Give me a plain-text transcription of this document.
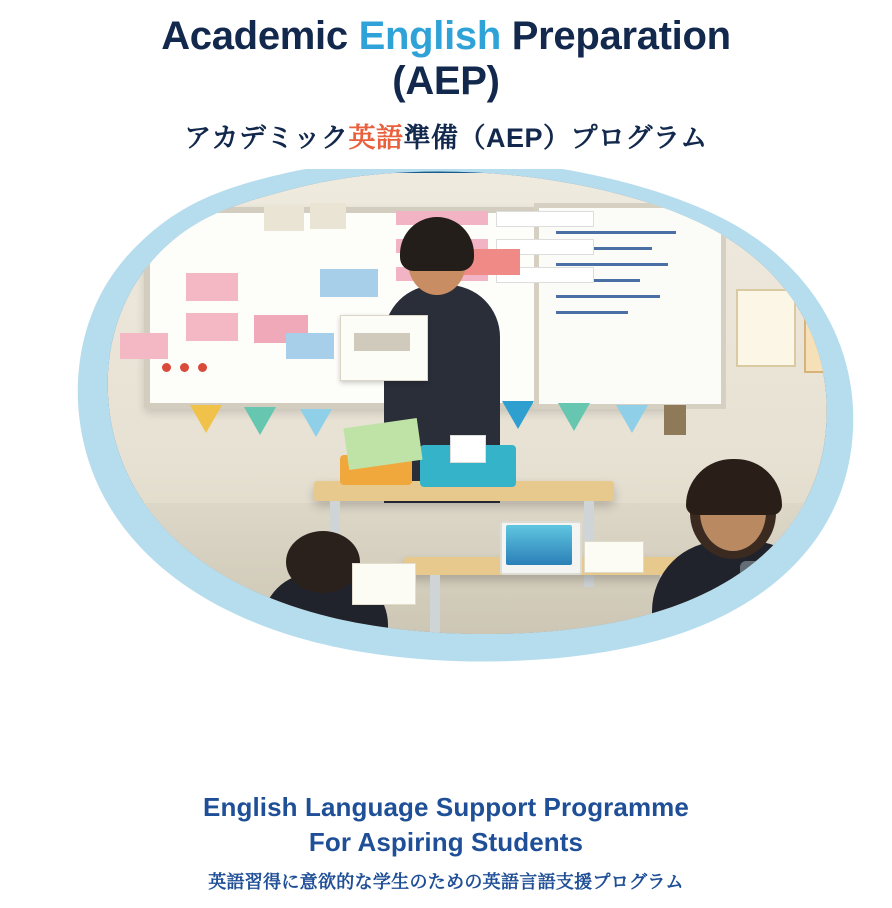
Academic English Preparation
(AEP)
アカデミック英語準備（AEP）プログラム
English Language Support Programme
For Aspiring Students
英語習得に意欲的な学生のための英語言語支援プログラム
